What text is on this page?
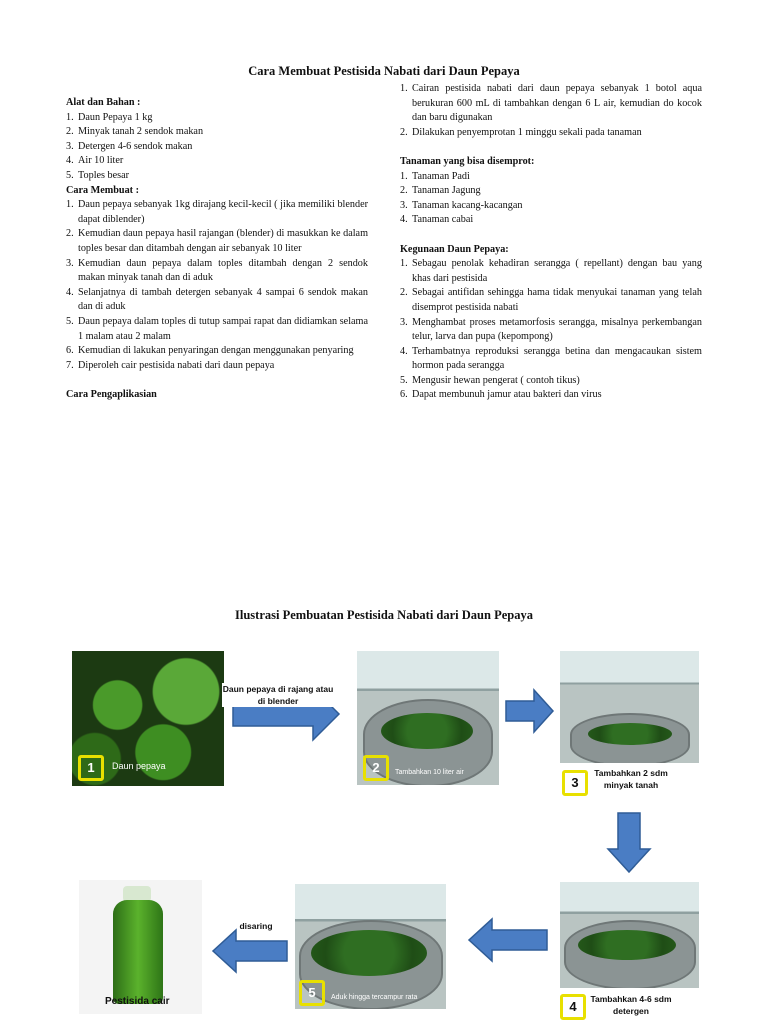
Cara Membuat Pestisida Nabati dari Daun Pepaya
Alat dan Bahan :
1. Daun Pepaya 1 kg
2. Minyak tanah 2 sendok makan
3. Detergen 4-6 sendok makan
4. Air 10 liter
5. Toples besar
Cara Membuat :
1. Daun pepaya sebanyak 1kg dirajang kecil-kecil ( jika memiliki blender dapat diblender)
2. Kemudian daun pepaya hasil rajangan (blender) di masukkan ke dalam toples besar dan ditambah dengan air sebanyak 10 liter
3. Kemudian daun pepaya dalam toples ditambah dengan 2 sendok makan minyak tanah dan di aduk
4. Selanjatnya di tambah detergen sebanyak 4 sampai 6 sendok makan dan di aduk
5. Daun pepaya dalam toples di tutup sampai rapat dan didiamkan selama 1 malam atau 2 malam
6. Kemudian di lakukan penyaringan dengan menggunakan penyaring
7. Diperoleh cair pestisida nabati dari daun pepaya
Cara Pengaplikasian
1. Cairan pestisida nabati dari daun pepaya sebanyak 1 botol aqua berukuran 600 mL di tambahkan dengan 6 L air, kemudian do kocok dan baru digunakan
2. Dilakukan penyemprotan 1 minggu sekali pada tanaman
Tanaman yang bisa disemprot:
1. Tanaman Padi
2. Tanaman Jagung
3. Tanaman kacang-kacangan
4. Tanaman cabai
Kegunaan Daun Pepaya:
1. Sebagau penolak kehadiran serangga ( repellant) dengan bau yang khas dari pestisida
2. Sebagai antifidan sehingga hama tidak menyukai tanaman yang telah disemprot pestisida nabati
3. Menghambat proses metamorfosis serangga, misalnya perkembangan telur, larva dan pupa (kepompong)
4. Terhambatnya reproduksi serangga betina dan mengacaukan sistem hormon pada serangga
5. Mengusir hewan pengerat ( contoh tikus)
6. Dapat membunuh jamur atau bakteri dan virus
Ilustrasi Pembuatan Pestisida Nabati dari Daun Pepaya
1	Daun pepaya
Daun pepaya di rajang atau di blender
2	Tambahkan 10 liter air
3
Tambahkan 2 sdm minyak tanah
4	Tambahkan 4-6 sdm detergen
5	Aduk hingga tercampur rata
disaring
Pestisida cair
